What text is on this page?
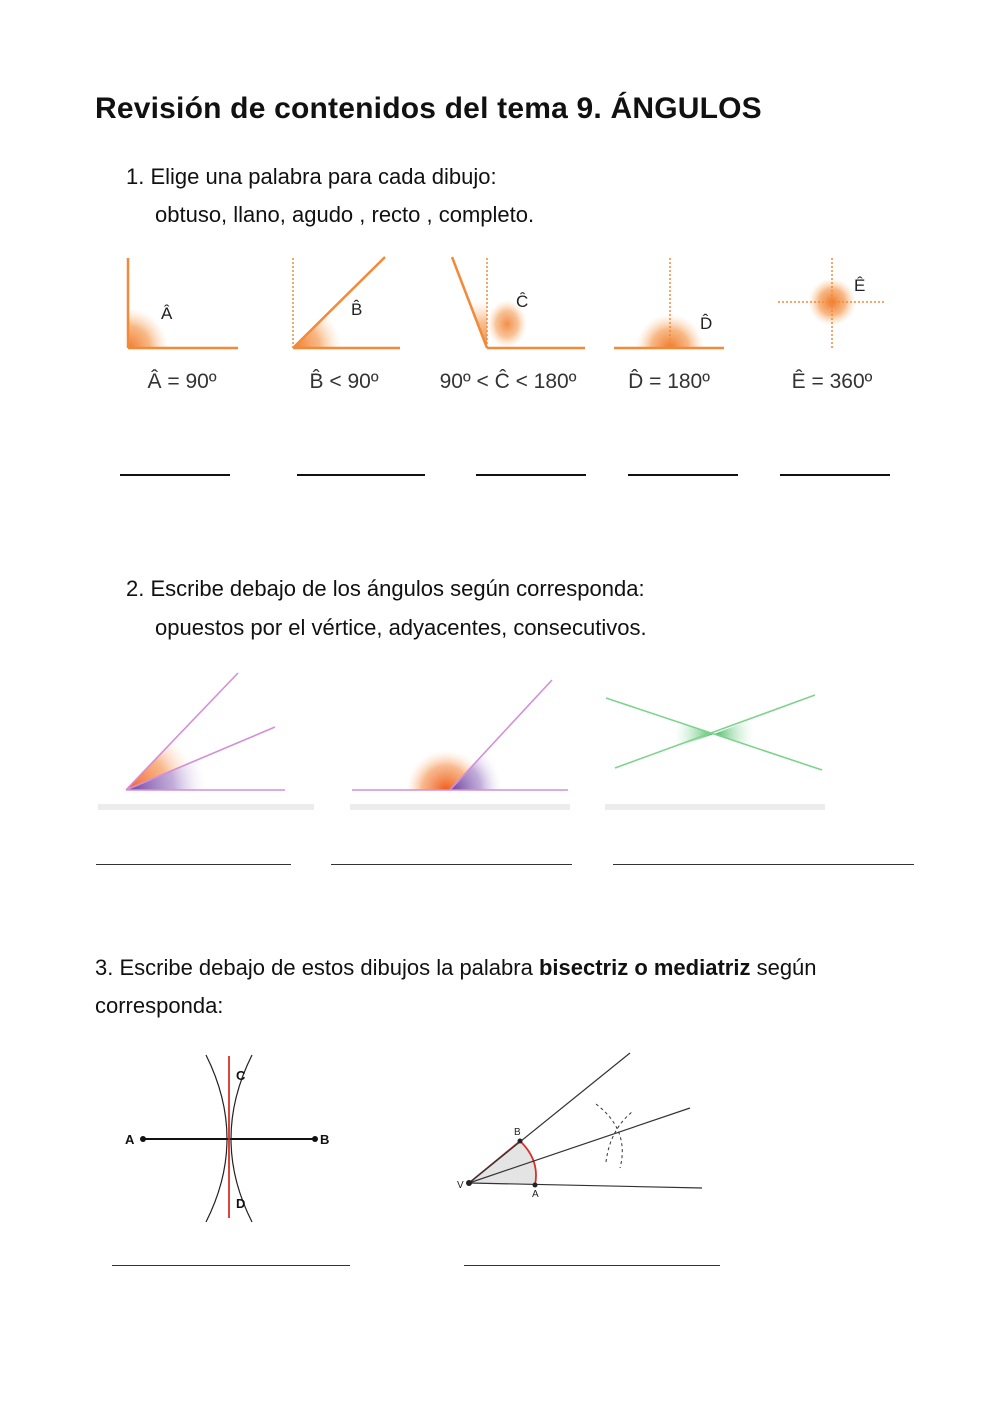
Revisión de contenidos del tema 9. ÁNGULOS
1. Elige una palabra para cada dibujo:
obtuso, llano, agudo , recto , completo.
Â	B̂	Ĉ
D̂
Ê
Â = 90º	B̂ < 90º	90º < Ĉ < 180º D̂ = 180º	Ê = 360º
2. Escribe debajo de los ángulos según corresponda:
opuestos por el vértice, adyacentes, consecutivos.
3. Escribe debajo de estos dibujos la palabra bisectriz o mediatriz según
corresponda:
A	B
C
D
V
A
B
